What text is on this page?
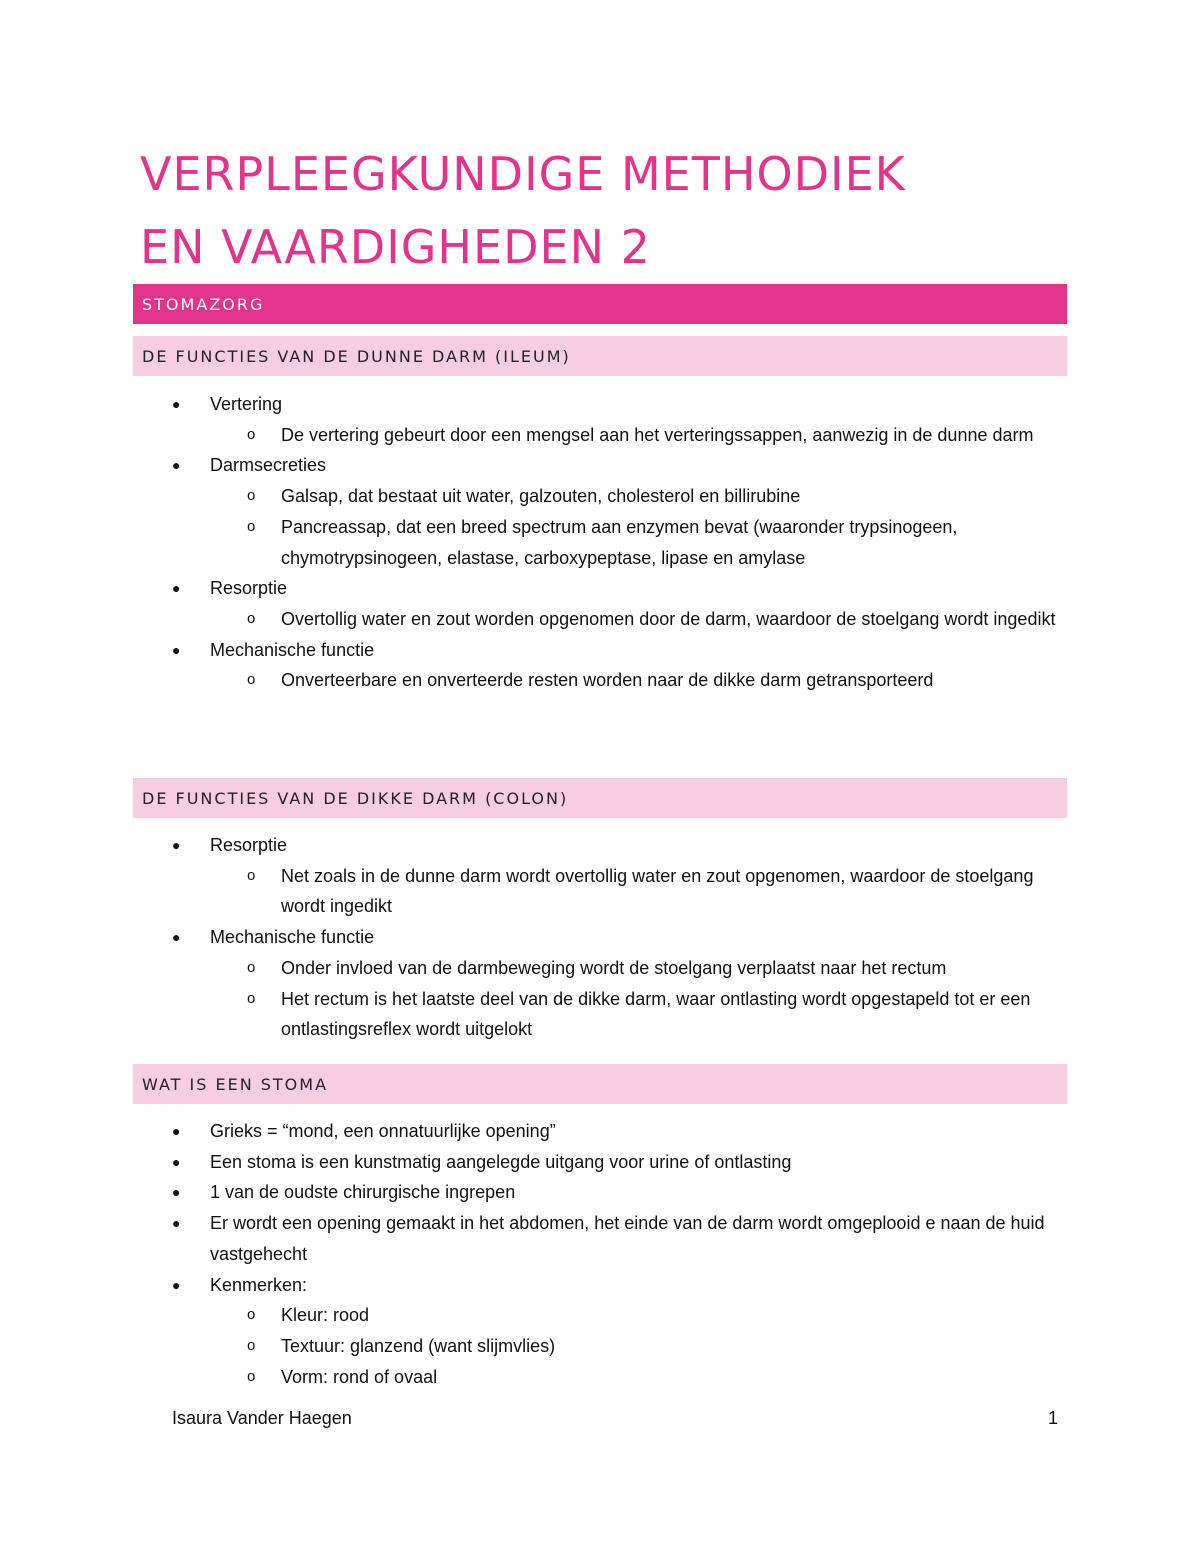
VERPLEEGKUNDIGE METHODIEK
EN VAARDIGHEDEN 2
STOMAZORG
DE FUNCTIES VAN DE DUNNE DARM (ILEUM)
● Vertering
o De vertering gebeurt door een mengsel aan het verteringssappen, aanwezig in de dunne darm
● Darmsecreties
o Galsap, dat bestaat uit water, galzouten, cholesterol en billirubine
o Pancreassap, dat een breed spectrum aan enzymen bevat (waaronder trypsinogeen, chymotrypsinogeen, elastase, carboxypeptase, lipase en amylase
● Resorptie
o Overtollig water en zout worden opgenomen door de darm, waardoor de stoelgang wordt ingedikt
● Mechanische functie
o Onverteerbare en onverteerde resten worden naar de dikke darm getransporteerd
DE FUNCTIES VAN DE DIKKE DARM (COLON)
● Resorptie
o Net zoals in de dunne darm wordt overtollig water en zout opgenomen, waardoor de stoelgang wordt ingedikt
● Mechanische functie
o Onder invloed van de darmbeweging wordt de stoelgang verplaatst naar het rectum
o Het rectum is het laatste deel van de dikke darm, waar ontlasting wordt opgestapeld tot er een ontlastingsreflex wordt uitgelokt
WAT IS EEN STOMA
● Grieks = “mond, een onnatuurlijke opening”
● Een stoma is een kunstmatig aangelegde uitgang voor urine of ontlasting
● 1 van de oudste chirurgische ingrepen
● Er wordt een opening gemaakt in het abdomen, het einde van de darm wordt omgeplooid e naan de huid vastgehecht
● Kenmerken:
o Kleur: rood
o Textuur: glanzend (want slijmvlies)
o Vorm: rond of ovaal
Isaura Vander Haegen	1
